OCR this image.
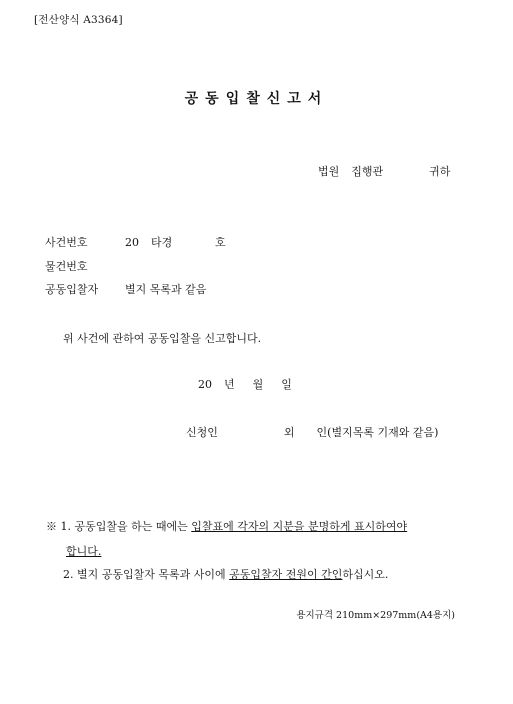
[전산양식 A3364]
공동입찰신고서
법원 집행관	귀하
사건번호	20 타경	호
물건번호
공동입찰자 별지 목록과 같음
위 사건에 관하여 공동입찰을 신고합니다.
20 년 월 일
신청인	외 인(별지목록 기재와 같음)
※ 1. 공동입찰을 하는 때에는 입찰표에 각자의 지분을 분명하게 표시하여야
합니다.
2. 별지 공동입찰자 목록과 사이에 공동입찰자 전원이 간인하십시오.
용지규격 210mm×297mm(A4용지)
